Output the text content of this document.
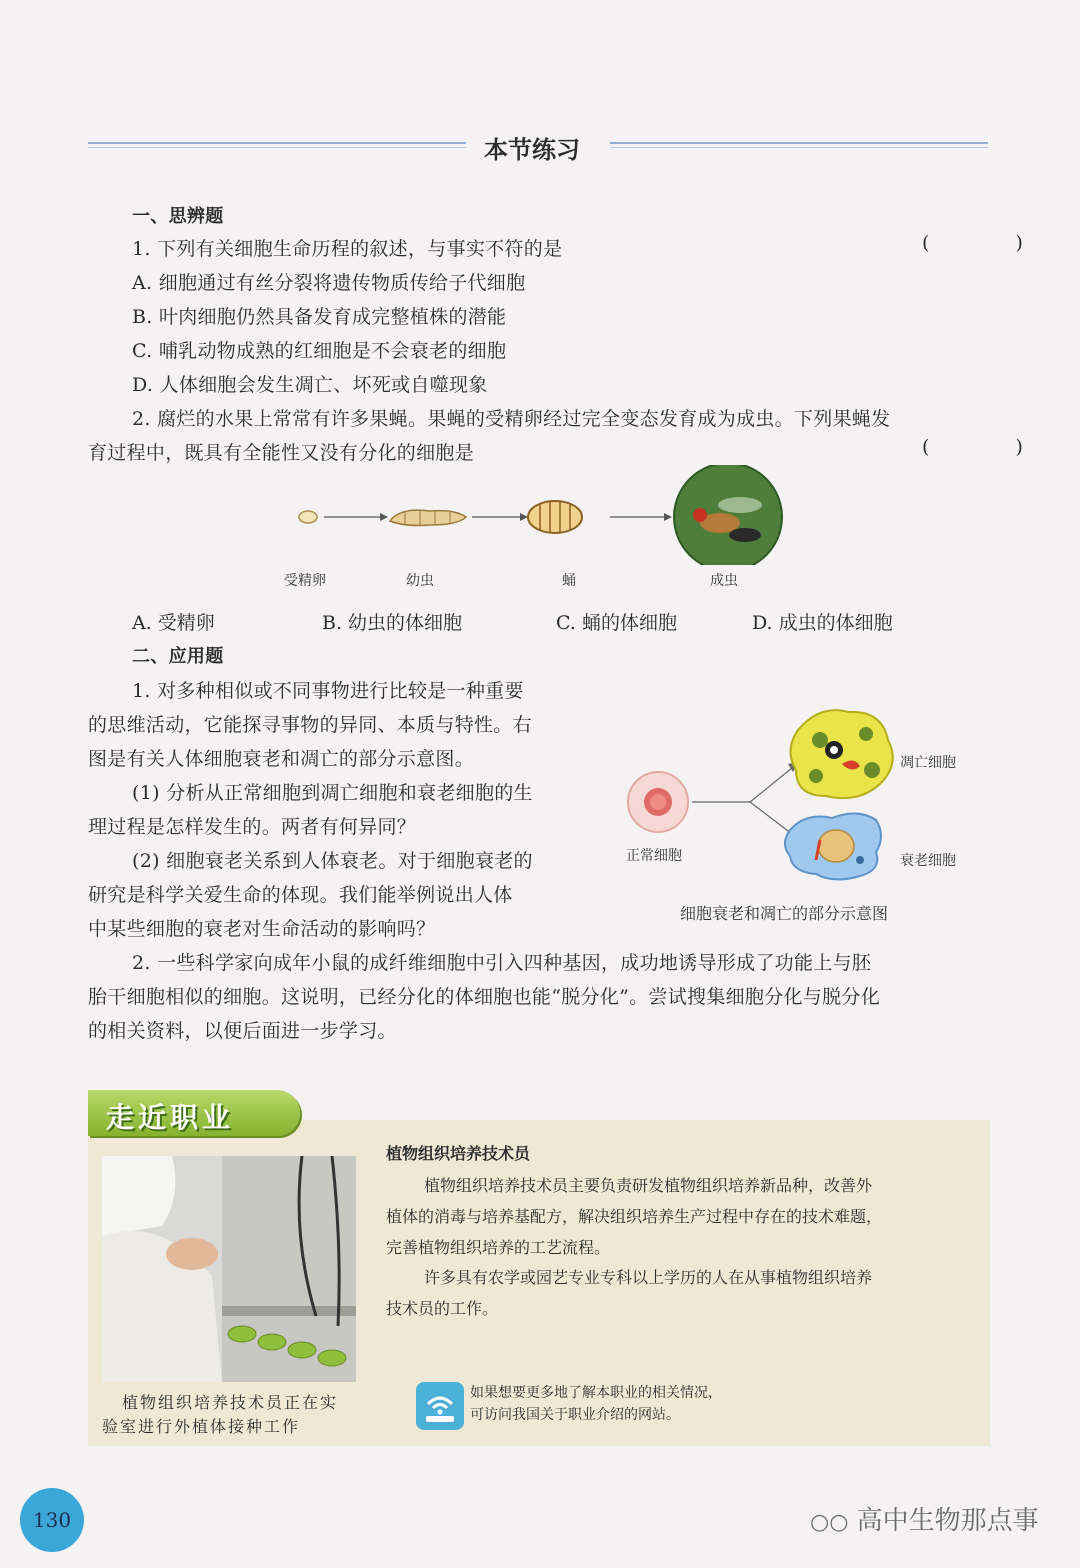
本节练习
一、思辨题
1. 下列有关细胞生命历程的叙述，与事实不符的是	( )
A. 细胞通过有丝分裂将遗传物质传给子代细胞
B. 叶肉细胞仍然具备发育成完整植株的潜能
C. 哺乳动物成熟的红细胞是不会衰老的细胞
D. 人体细胞会发生凋亡、坏死或自噬现象
2. 腐烂的水果上常常有许多果蝇。果蝇的受精卵经过完全变态发育成为成虫。下列果蝇发
育过程中，既具有全能性又没有分化的细胞是	( )
受精卵	幼虫	蛹	成虫
A. 受精卵	B. 幼虫的体细胞	C. 蛹的体细胞	D. 成虫的体细胞
二、应用题
1. 对多种相似或不同事物进行比较是一种重要
的思维活动，它能探寻事物的异同、本质与特性。右
图是有关人体细胞衰老和凋亡的部分示意图。
(1) 分析从正常细胞到凋亡细胞和衰老细胞的生
理过程是怎样发生的。两者有何异同？
(2) 细胞衰老关系到人体衰老。对于细胞衰老的
研究是科学关爱生命的体现。我们能举例说出人体
中某些细胞的衰老对生命活动的影响吗？
凋亡细胞
正常细胞	衰老细胞
细胞衰老和凋亡的部分示意图
2. 一些科学家向成年小鼠的成纤维细胞中引入四种基因，成功地诱导形成了功能上与胚
胎干细胞相似的细胞。这说明，已经分化的体细胞也能“脱分化”。尝试搜集细胞分化与脱分化
的相关资料，以便后面进一步学习。
走近职业
植物组织培养技术员正在实
验室进行外植体接种工作
植物组织培养技术员
植物组织培养技术员主要负责研发植物组织培养新品种，改善外
植体的消毒与培养基配方，解决组织培养生产过程中存在的技术难题，
完善植物组织培养的工艺流程。
许多具有农学或园艺专业专科以上学历的人在从事植物组织培养
技术员的工作。
如果想要更多地了解本职业的相关情况，
可访问我国关于职业介绍的网站。
130	○○ 高中生物那点事
